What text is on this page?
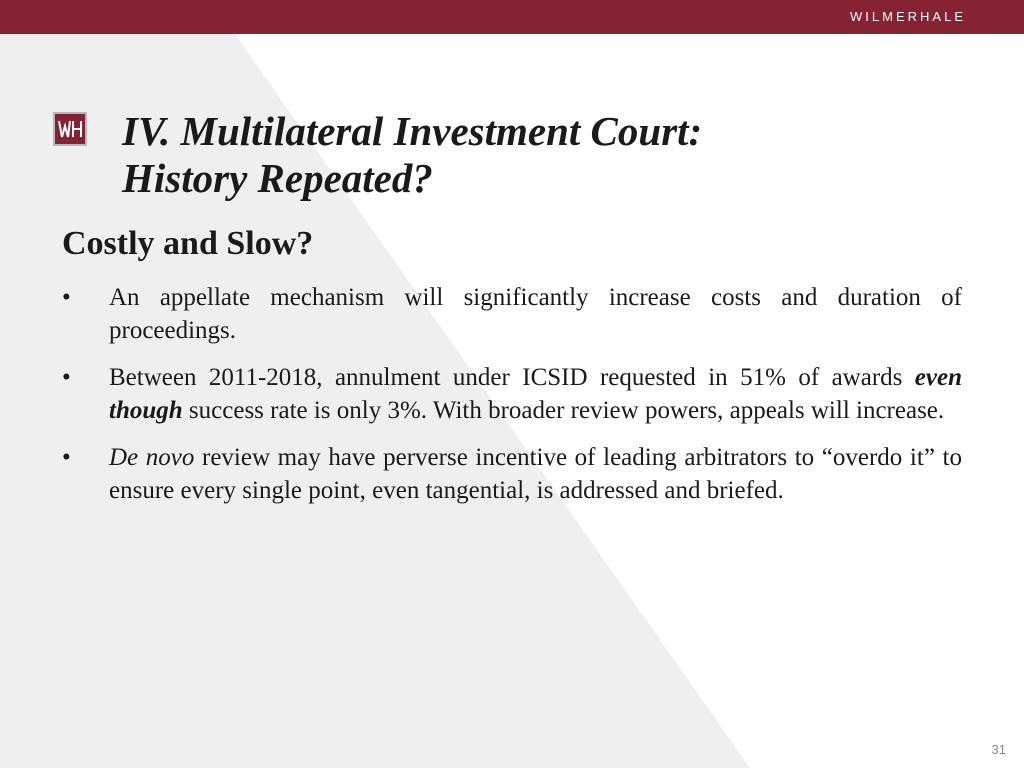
WILMERHALE
IV. Multilateral Investment Court:
History Repeated?
Costly and Slow?
• An appellate mechanism will significantly increase costs and duration of proceedings.
• Between 2011-2018, annulment under ICSID requested in 51% of awards even though success rate is only 3%. With broader review powers, appeals will increase.
• De novo review may have perverse incentive of leading arbitrators to “overdo it” to ensure every single point, even tangential, is addressed and briefed.
31
